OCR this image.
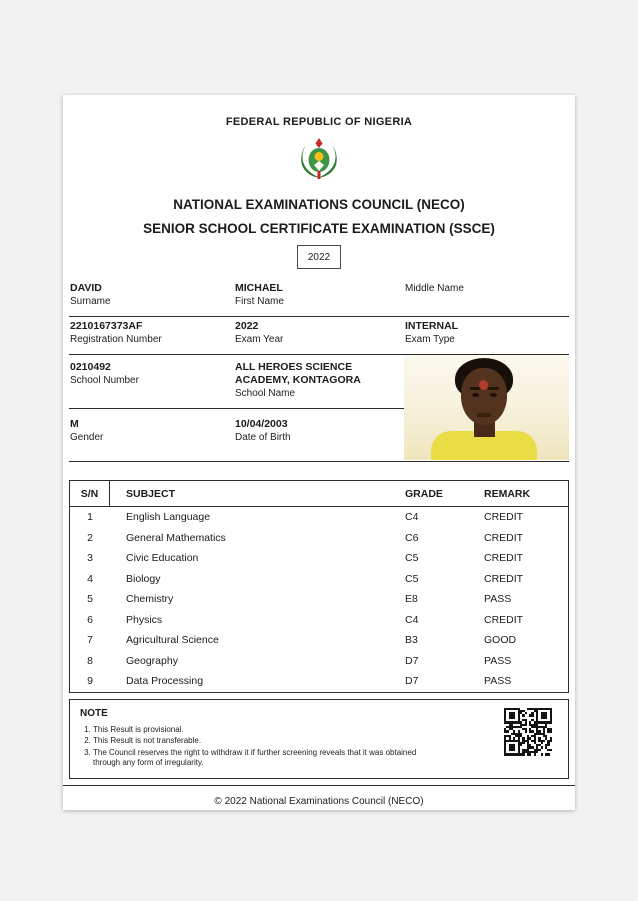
FEDERAL REPUBLIC OF NIGERIA
NATIONAL EXAMINATIONS COUNCIL (NECO)
SENIOR SCHOOL CERTIFICATE EXAMINATION (SSCE)
2022
DAVID
Surname
MICHAEL
First Name
Middle Name
2210167373AF
Registration Number
2022
Exam Year
INTERNAL
Exam Type
0210492
School Number
ALL HEROES SCIENCE ACADEMY, KONTAGORA
School Name
M
Gender
10/04/2003
Date of Birth
S/N	SUBJECT	GRADE	REMARK
1	English Language	C4	CREDIT
2	General Mathematics	C6	CREDIT
3	Civic Education	C5	CREDIT
4	Biology	C5	CREDIT
5	Chemistry	E8	PASS
6	Physics	C4	CREDIT
7	Agricultural Science	B3	GOOD
8	Geography	D7	PASS
9	Data Processing	D7	PASS
NOTE
1. This Result is provisional.
2. This Result is not transferable.
3. The Council reserves the right to withdraw it if further screening reveals that it was obtained through any form of irregularity.
© 2022 National Examinations Council (NECO)
